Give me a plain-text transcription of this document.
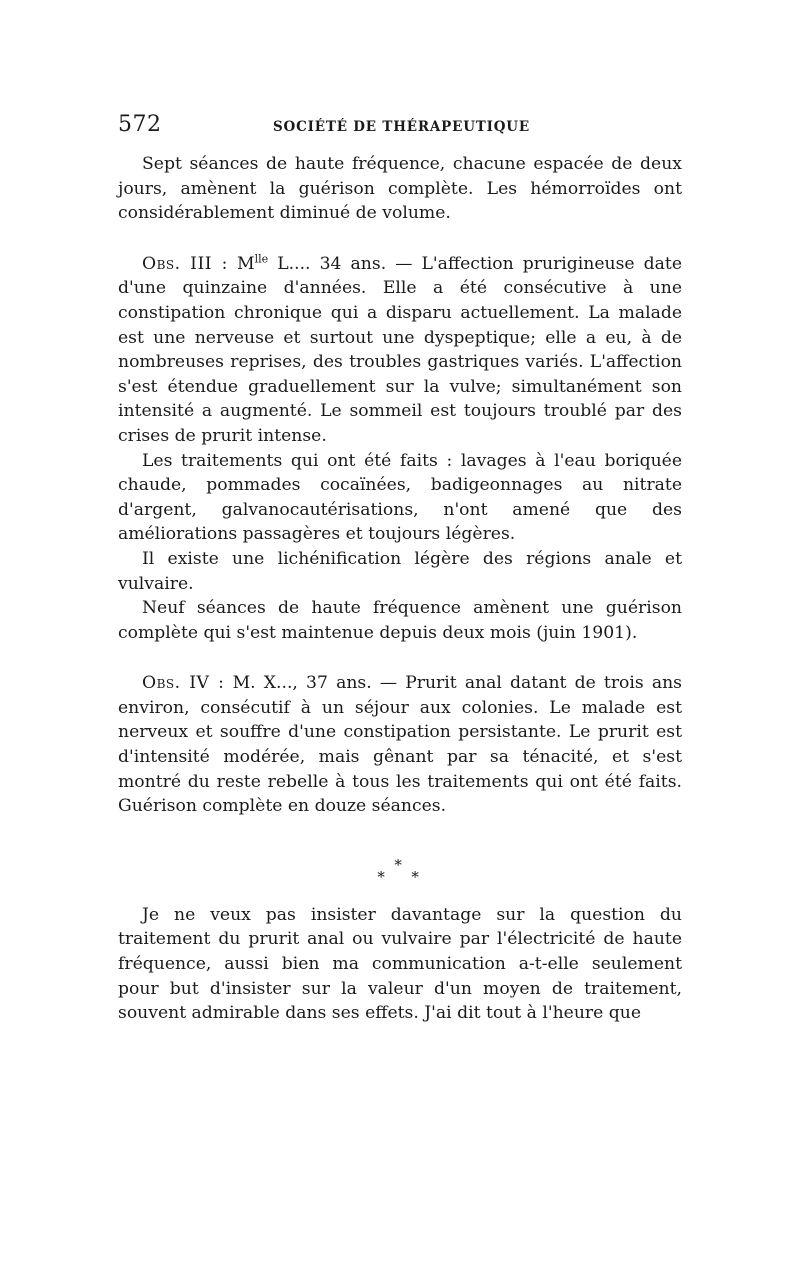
572	SOCIÉTÉ DE THÉRAPEUTIQUE

Sept séances de haute fréquence, chacune espacée de deux jours, amènent la guérison complète. Les hémorroïdes ont considérablement diminué de volume.

Obs. III : $M^{lle}$ L.... 34 ans. — L'affection prurigineuse date d'une quinzaine d'années. Elle a été consécutive à une constipation chronique qui a disparu actuellement. La malade est une nerveuse et surtout une dyspeptique; elle a eu, à de nombreuses reprises, des troubles gastriques variés. L'affection s'est étendue graduellement sur la vulve; simultanément son intensité a augmenté. Le sommeil est toujours troublé par des crises de prurit intense.

Les traitements qui ont été faits : lavages à l'eau boriquée chaude, pommades cocaïnées, badigeonnages au nitrate d'argent, galvanocautérisations, n'ont amené que des améliorations passagères et toujours légères.

Il existe une lichénification légère des régions anale et vulvaire.

Neuf séances de haute fréquence amènent une guérison complète qui s'est maintenue depuis deux mois (juin 1901).

Obs. IV : M. X..., 37 ans. — Prurit anal datant de trois ans environ, consécutif à un séjour aux colonies. Le malade est nerveux et souffre d'une constipation persistante. Le prurit est d'intensité modérée, mais gênant par sa ténacité, et s'est montré du reste rebelle à tous les traitements qui ont été faits. Guérison complète en douze séances.

∗
∗
∗

Je ne veux pas insister davantage sur la question du traitement du prurit anal ou vulvaire par l'électricité de haute fréquence, aussi bien ma communication a-t-elle seulement pour but d'insister sur la valeur d'un moyen de traitement, souvent admirable dans ses effets. J'ai dit tout à l'heure que
